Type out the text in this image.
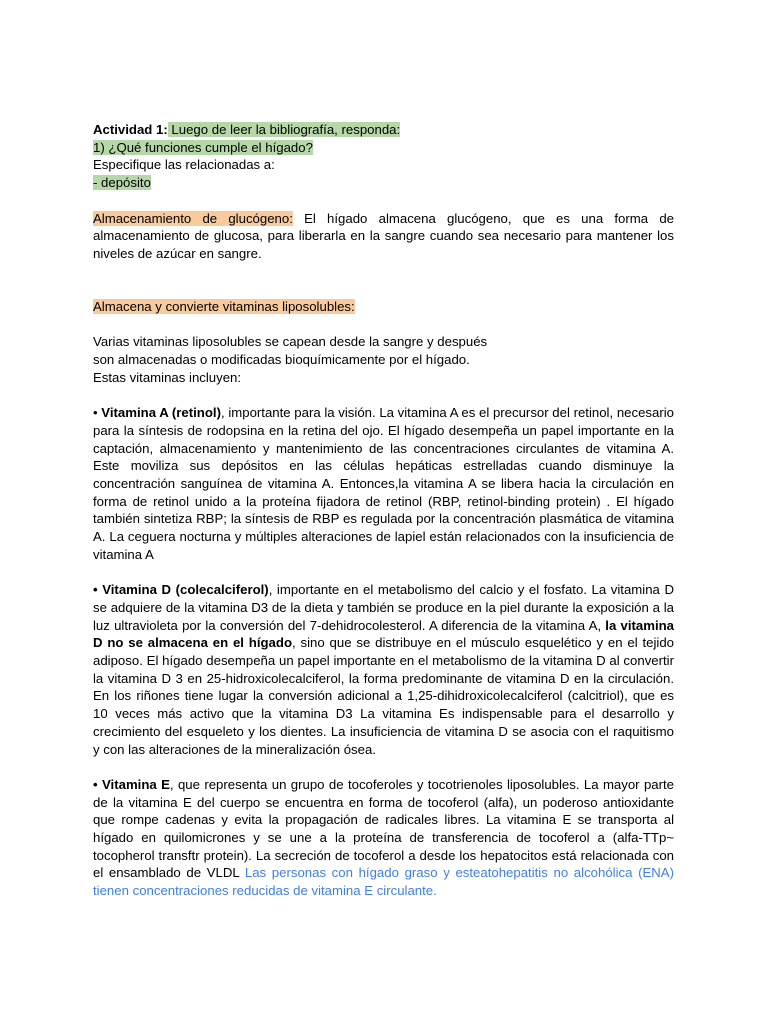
Actividad 1: Luego de leer la bibliografía, responda:
1) ¿Qué funciones cumple el hígado?
Especifique las relacionadas a:
- depósito

Almacenamiento de glucógeno: El hígado almacena glucógeno, que es una forma de almacenamiento de glucosa, para liberarla en la sangre cuando sea necesario para mantener los niveles de azúcar en sangre.

Almacena y convierte vitaminas liposolubles:
Varias vitaminas liposolubles se capean desde la sangre y después
son almacenadas o modificadas bioquímicamente por el hígado.
Estas vitaminas incluyen:

• Vitamina A (retinol), importante para la visión. La vitamina A es el precursor del retinol, necesario para la síntesis de rodopsina en la retina del ojo. El hígado desempeña un papel importante en la captación, almacenamiento y mantenimiento de las concentraciones circulantes de vitamina A. Este moviliza sus depósitos en las células hepáticas estrelladas cuando disminuye la concentración sanguínea de vitamina A. Entonces,la vitamina A se libera hacia la circulación en forma de retinol unido a la proteína fijadora de retinol (RBP, retinol-binding protein) . El hígado también sintetiza RBP; la síntesis de RBP es regulada por la concentración plasmática de vitamina A. La ceguera nocturna y múltiples alteraciones de lapiel están relacionados con la insuficiencia de vitamina A

• Vitamina D (colecalciferol), importante en el metabolismo del calcio y el fosfato. La vitamina D se adquiere de la vitamina D3 de la dieta y también se produce en la piel durante la exposición a la luz ultravioleta por la conversión del 7-dehidrocolesterol. A diferencia de la vitamina A, la vitamina D no se almacena en el hígado, sino que se distribuye en el músculo esquelético y en el tejido adiposo. El hígado desempeña un papel importante en el metabolismo de la vitamina D al convertir la vitamina D 3 en 25-hidroxicolecalciferol, la forma predominante de vitamina D en la circulación. En los riñones tiene lugar la conversión adicional a 1,25-dihidroxicolecalciferol (calcitriol), que es 10 veces más activo que la vitamina D3 La vitamina Es indispensable para el desarrollo y crecimiento del esqueleto y los dientes. La insuficiencia de vitamina D se asocia con el raquitismo y con las alteraciones de la mineralización ósea.

• Vitamina E, que representa un grupo de tocoferoles y tocotrienoles liposolubles. La mayor parte de la vitamina E del cuerpo se encuentra en forma de tocoferol (alfa), un poderoso antioxidante que rompe cadenas y evita la propagación de radicales libres. La vitamina E se transporta al hígado en quilomicrones y se une a la proteína de transferencia de tocoferol a (alfa-TTp~ tocopherol transftr protein). La secreción de tocoferol a desde los hepatocitos está relacionada con el ensamblado de VLDL Las personas con hígado graso y esteatohepatitis no alcohólica (ENA) tienen concentraciones reducidas de vitamina E circulante.
